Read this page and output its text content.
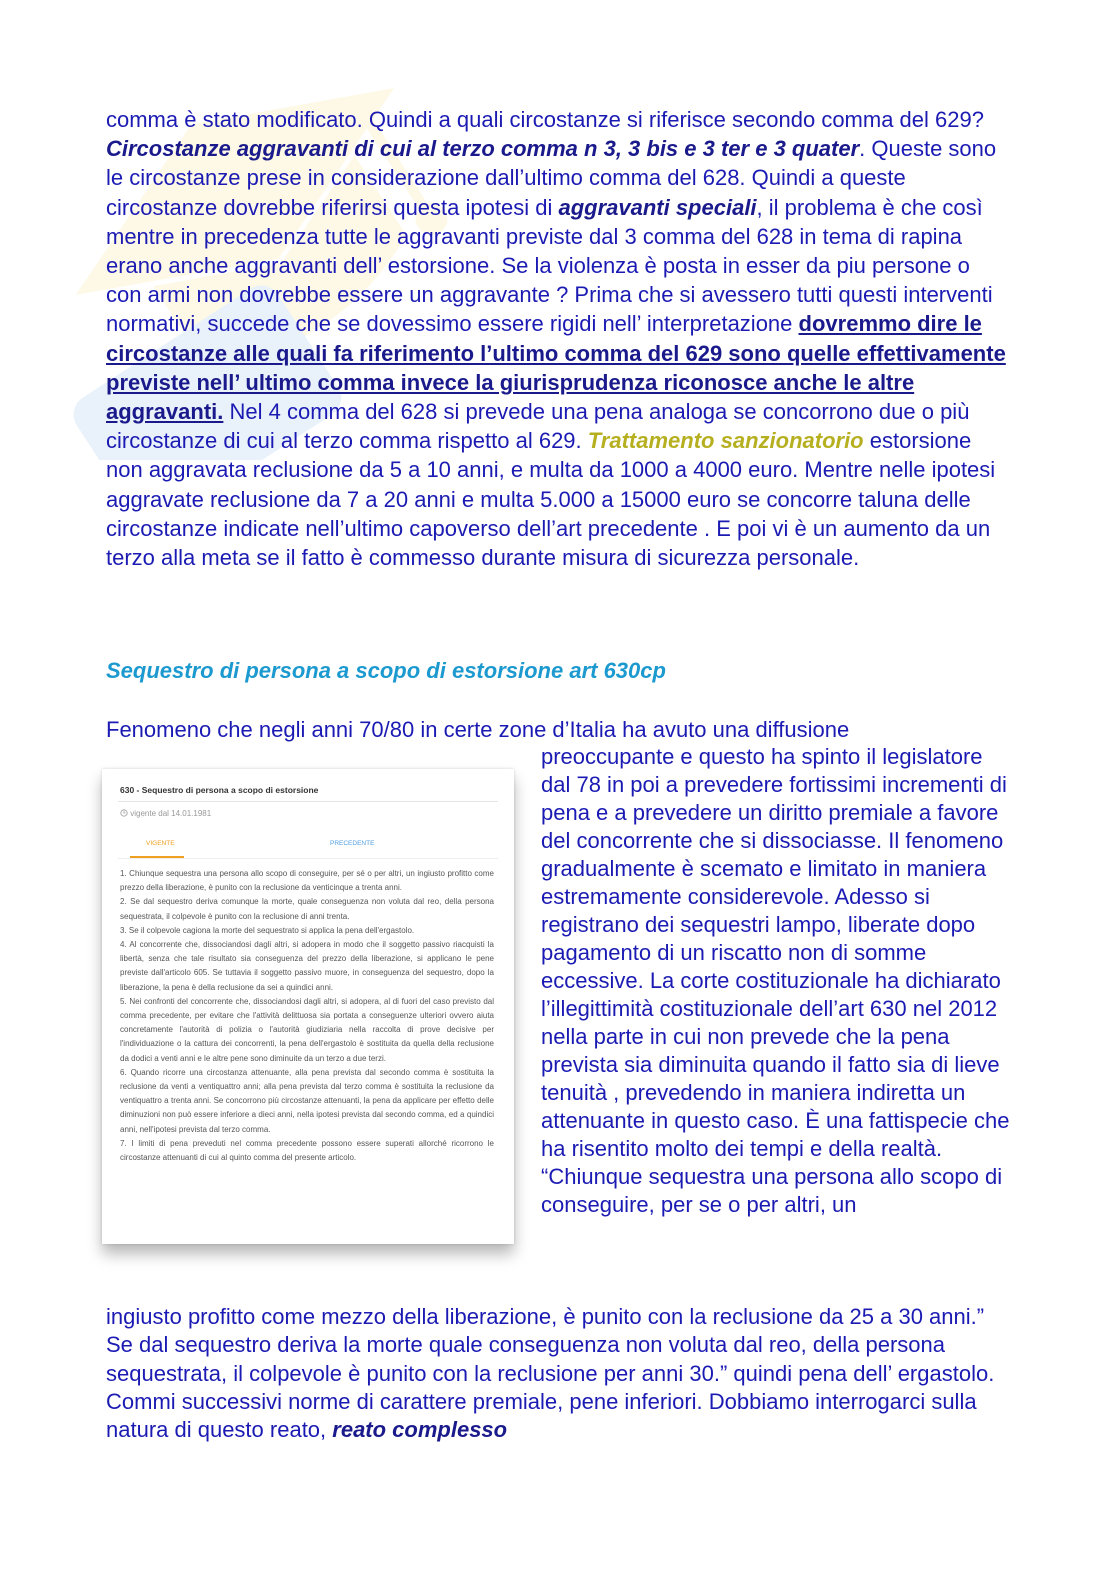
comma è stato modificato. Quindi a quali circostanze si riferisce secondo comma del 629? Circostanze aggravanti di cui al terzo comma n 3, 3 bis e 3 ter e 3 quater. Queste sono le circostanze prese in considerazione dall’ultimo comma del 628. Quindi a queste circostanze dovrebbe riferirsi questa ipotesi di aggravanti speciali, il problema è che così mentre in precedenza tutte le aggravanti previste dal 3 comma del 628 in tema di rapina erano anche aggravanti dell’ estorsione. Se la violenza è posta in esser da piu persone o con armi non dovrebbe essere un aggravante ? Prima che si avessero tutti questi interventi normativi, succede che se dovessimo essere rigidi nell’ interpretazione dovremmo dire le circostanze alle quali fa riferimento l’ultimo comma del 629 sono quelle effettivamente previste nell’ ultimo comma invece la giurisprudenza riconosce anche le altre aggravanti. Nel 4 comma del 628 si prevede una pena analoga se concorrono due o più circostanze di cui al terzo comma rispetto al 629. Trattamento sanzionatorio estorsione non aggravata reclusione da 5 a 10 anni, e multa da 1000 a 4000 euro. Mentre nelle ipotesi aggravate reclusione da 7 a 20 anni e multa 5.000 a 15000 euro se concorre taluna delle circostanze indicate nell’ultimo capoverso dell’art precedente . E poi vi è un aumento da un terzo alla meta se il fatto è commesso durante misura di sicurezza personale.
Sequestro di persona a scopo di estorsione art 630cp
Fenomeno che negli anni 70/80 in certe zone d’Italia ha avuto una diffusione
630 - Sequestro di persona a scopo di estorsione
vigente dal 14.01.1981
VIGENTE	PRECEDENTE

1. Chiunque sequestra una persona allo scopo di conseguire, per sé o per altri, un ingiusto profitto come prezzo della liberazione, è punito con la reclusione da venticinque a trenta anni.

2. Se dal sequestro deriva comunque la morte, quale conseguenza non voluta dal reo, della persona sequestrata, il colpevole è punito con la reclusione di anni trenta.

3. Se il colpevole cagiona la morte del sequestrato si applica la pena dell'ergastolo.

4. Al concorrente che, dissociandosi dagli altri, si adopera in modo che il soggetto passivo riacquisti la libertà, senza che tale risultato sia conseguenza del prezzo della liberazione, si applicano le pene previste dall'articolo 605. Se tuttavia il soggetto passivo muore, in conseguenza del sequestro, dopo la liberazione, la pena è della reclusione da sei a quindici anni.

5. Nei confronti del concorrente che, dissociandosi dagli altri, si adopera, al di fuori del caso previsto dal comma precedente, per evitare che l'attività delittuosa sia portata a conseguenze ulteriori ovvero aiuta concretamente l'autorità di polizia o l'autorità giudiziaria nella raccolta di prove decisive per l'individuazione o la cattura dei concorrenti, la pena dell'ergastolo è sostituita da quella della reclusione da dodici a venti anni e le altre pene sono diminuite da un terzo a due terzi.

6. Quando ricorre una circostanza attenuante, alla pena prevista dal secondo comma è sostituita la reclusione da venti a ventiquattro anni; alla pena prevista dal terzo comma è sostituita la reclusione da ventiquattro a trenta anni. Se concorrono più circostanze attenuanti, la pena da applicare per effetto delle diminuzioni non può essere inferiore a dieci anni, nella ipotesi prevista dal secondo comma, ed a quindici anni, nell'ipotesi prevista dal terzo comma.

7. I limiti di pena preveduti nel comma precedente possono essere superati allorché ricorrono le circostanze attenuanti di cui al quinto comma del presente articolo.

preoccupante e questo ha spinto il legislatore dal 78 in poi a prevedere fortissimi incrementi di pena e a prevedere un diritto premiale a favore del concorrente che si dissociasse. Il fenomeno gradualmente è scemato e limitato in maniera estremamente considerevole. Adesso si registrano dei sequestri lampo, liberate dopo pagamento di un riscatto non di somme eccessive. La corte costituzionale ha dichiarato l’illegittimità costituzionale dell’art 630 nel 2012 nella parte in cui non prevede che la pena prevista sia diminuita quando il fatto sia di lieve tenuità , prevedendo in maniera indiretta un attenuante in questo caso. È una fattispecie che ha risentito molto dei tempi e della realtà. “Chiunque sequestra una persona allo scopo di conseguire, per se o per altri, un
ingiusto profitto come mezzo della liberazione, è punito con la reclusione da 25 a 30 anni.” Se dal sequestro deriva la morte quale conseguenza non voluta dal reo, della persona sequestrata, il colpevole è punito con la reclusione per anni 30.” quindi pena dell’ ergastolo. Commi successivi norme di carattere premiale, pene inferiori. Dobbiamo interrogarci sulla natura di questo reato, reato complesso
